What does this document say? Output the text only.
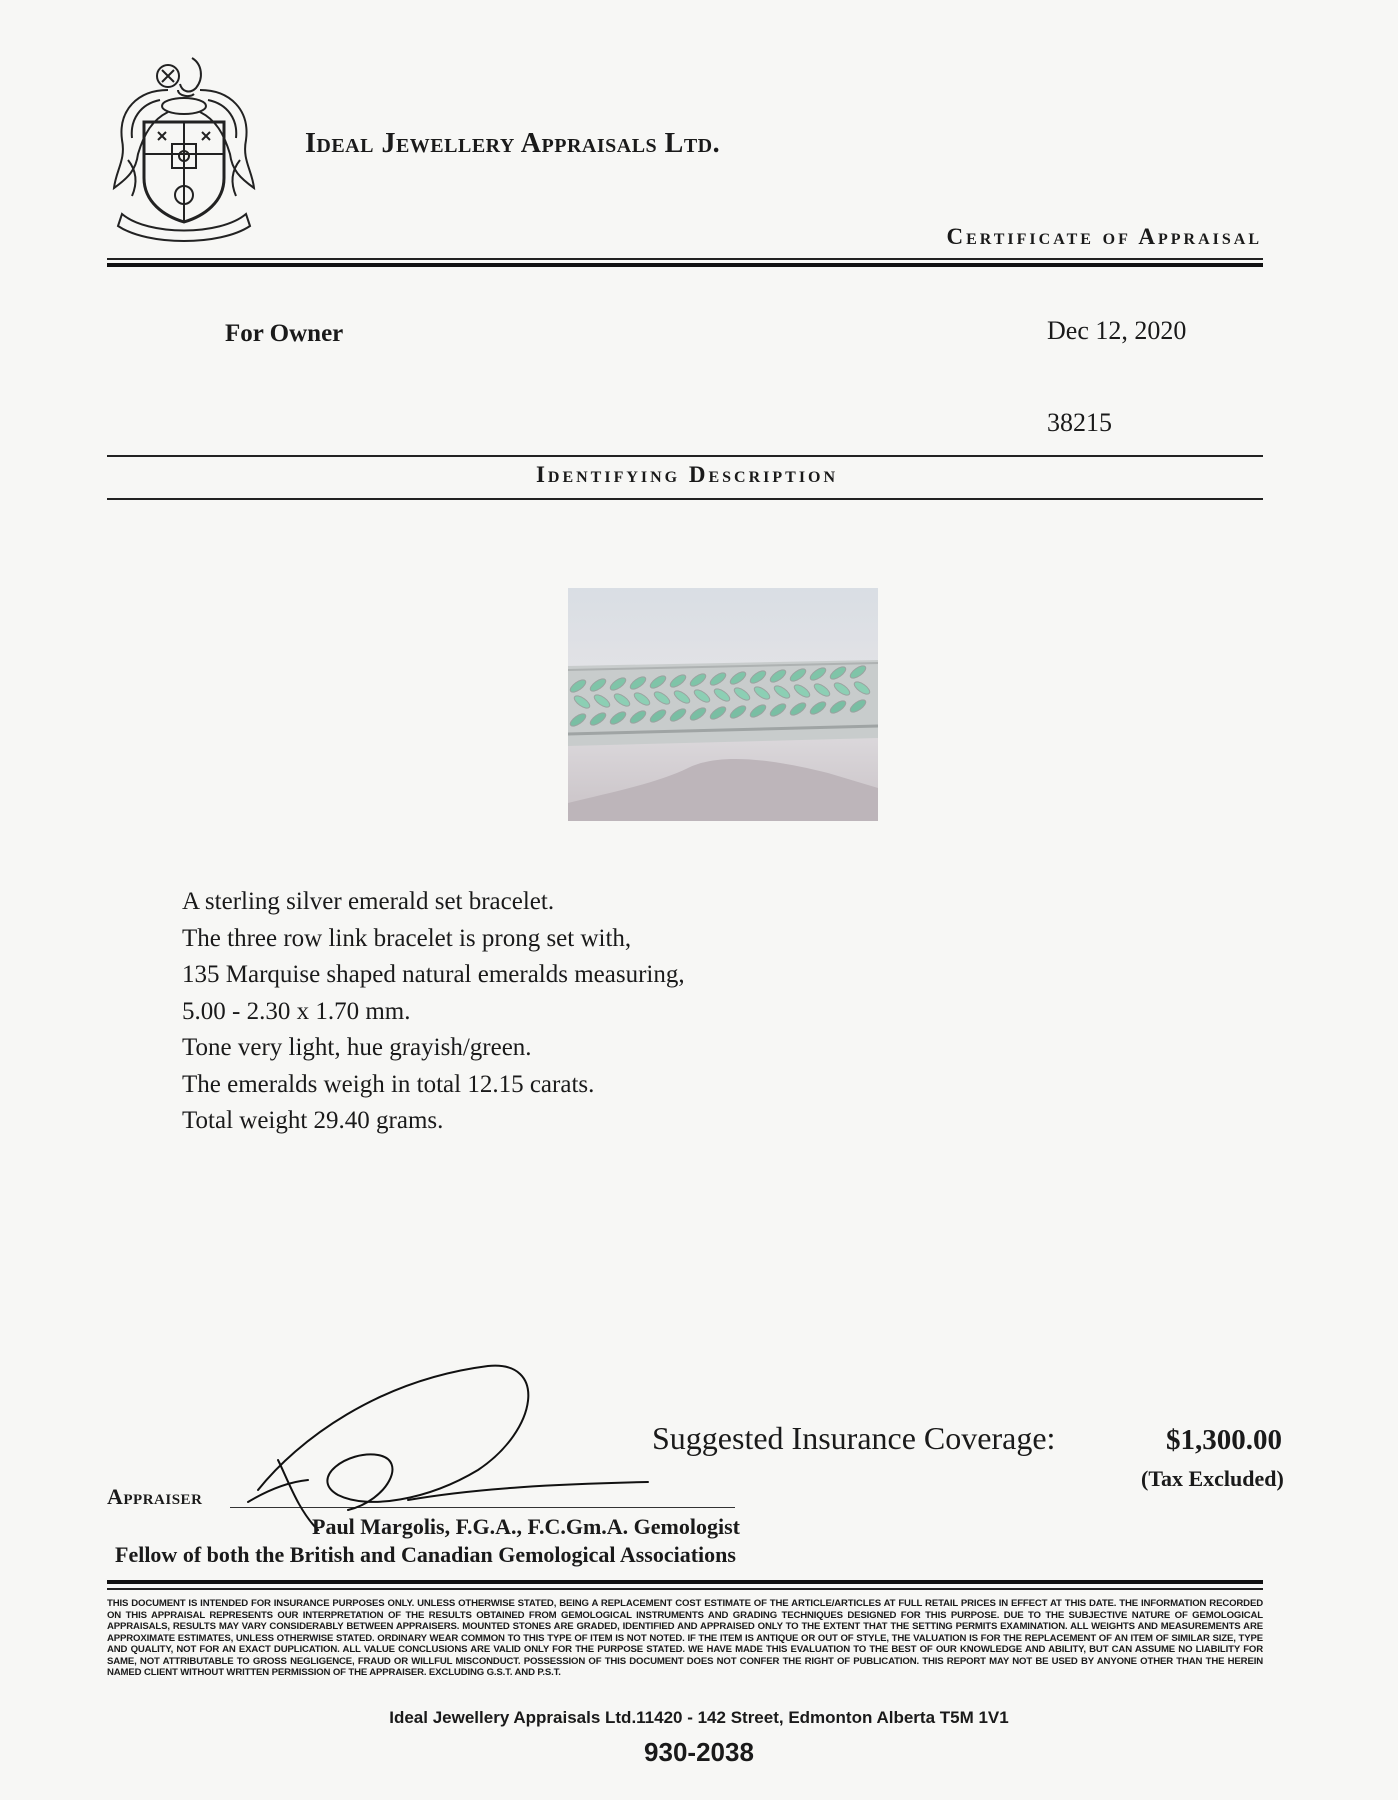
Ideal Jewellery Appraisals Ltd.
Certificate of Appraisal
For Owner	Dec 12, 2020
38215
Identifying Description
A sterling silver emerald set bracelet.
The three row link bracelet is prong set with,
135 Marquise shaped natural emeralds measuring,
5.00 - 2.30 x 1.70 mm.
Tone very light, hue grayish/green.
The emeralds weigh in total 12.15 carats.
Total weight 29.40 grams.
Suggested Insurance Coverage:	$1,300.00
(Tax Excluded)
Appraiser
Paul Margolis, F.G.A., F.C.Gm.A. Gemologist
Fellow of both the British and Canadian Gemological Associations
THIS DOCUMENT IS INTENDED FOR INSURANCE PURPOSES ONLY. UNLESS OTHERWISE STATED, BEING A REPLACEMENT COST ESTIMATE OF THE ARTICLE/ARTICLES AT FULL RETAIL PRICES IN EFFECT AT THIS DATE. THE INFORMATION RECORDED ON THIS APPRAISAL REPRESENTS OUR INTERPRETATION OF THE RESULTS OBTAINED FROM GEMOLOGICAL INSTRUMENTS AND GRADING TECHNIQUES DESIGNED FOR THIS PURPOSE. DUE TO THE SUBJECTIVE NATURE OF GEMOLOGICAL APPRAISALS, RESULTS MAY VARY CONSIDERABLY BETWEEN APPRAISERS. MOUNTED STONES ARE GRADED, IDENTIFIED AND APPRAISED ONLY TO THE EXTENT THAT THE SETTING PERMITS EXAMINATION. ALL WEIGHTS AND MEASUREMENTS ARE APPROXIMATE ESTIMATES, UNLESS OTHERWISE STATED. ORDINARY WEAR COMMON TO THIS TYPE OF ITEM IS NOT NOTED. IF THE ITEM IS ANTIQUE OR OUT OF STYLE, THE VALUATION IS FOR THE REPLACEMENT OF AN ITEM OF SIMILAR SIZE, TYPE AND QUALITY, NOT FOR AN EXACT DUPLICATION. ALL VALUE CONCLUSIONS ARE VALID ONLY FOR THE PURPOSE STATED. WE HAVE MADE THIS EVALUATION TO THE BEST OF OUR KNOWLEDGE AND ABILITY, BUT CAN ASSUME NO LIABILITY FOR SAME, NOT ATTRIBUTABLE TO GROSS NEGLIGENCE, FRAUD OR WILLFUL MISCONDUCT. POSSESSION OF THIS DOCUMENT DOES NOT CONFER THE RIGHT OF PUBLICATION. THIS REPORT MAY NOT BE USED BY ANYONE OTHER THAN THE HEREIN NAMED CLIENT WITHOUT WRITTEN PERMISSION OF THE APPRAISER. EXCLUDING G.S.T. AND P.S.T.
Ideal Jewellery Appraisals Ltd.11420 - 142 Street, Edmonton Alberta T5M 1V1
930-2038
